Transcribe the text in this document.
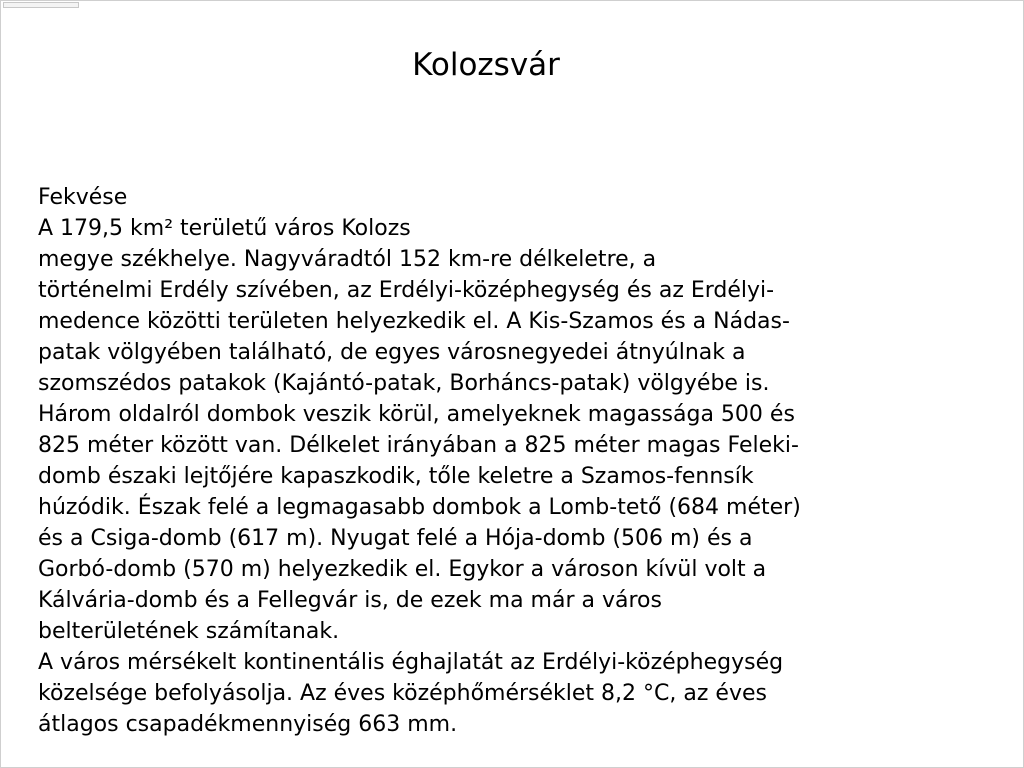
Kolozsvár
Fekvése
A 179,5 km² területű város Kolozs
megye székhelye. Nagyváradtól 152 km-re délkeletre, a
történelmi Erdély szívében, az Erdélyi-középhegység és az Erdélyi-
medence közötti területen helyezkedik el. A Kis-Szamos és a Nádas-
patak völgyében található, de egyes városnegyedei átnyúlnak a
szomszédos patakok (Kajántó-patak, Borháncs-patak) völgyébe is.
Három oldalról dombok veszik körül, amelyeknek magassága 500 és
825 méter között van. Délkelet irányában a 825 méter magas Feleki-
domb északi lejtőjére kapaszkodik, tőle keletre a Szamos-fennsík
húzódik. Észak felé a legmagasabb dombok a Lomb-tető (684 méter)
és a Csiga-domb (617 m). Nyugat felé a Hója-domb (506 m) és a
Gorbó-domb (570 m) helyezkedik el. Egykor a városon kívül volt a
Kálvária-domb és a Fellegvár is, de ezek ma már a város
belterületének számítanak.
A város mérsékelt kontinentális éghajlatát az Erdélyi-középhegység
közelsége befolyásolja. Az éves középhőmérséklet 8,2 °C, az éves
átlagos csapadékmennyiség 663 mm.
